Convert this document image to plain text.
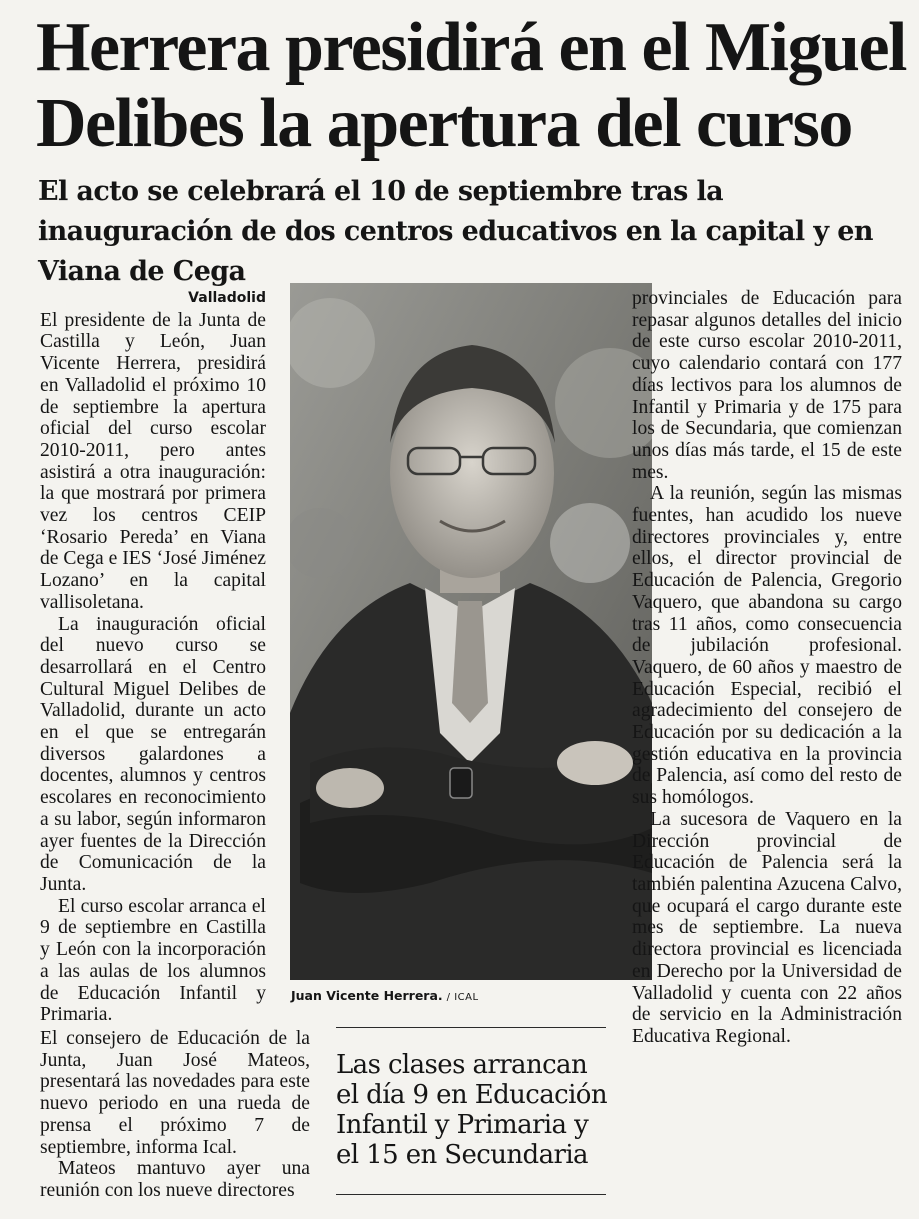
Herrera presidirá en el Miguel Delibes la apertura del curso
El acto se celebrará el 10 de septiembre tras la inauguración de dos centros educativos en la capital y en Viana de Cega
Valladolid

El presidente de la Junta de Castilla y León, Juan Vicente Herrera, presidirá en Valladolid el próximo 10 de septiembre la apertura oficial del curso escolar 2010-2011, pero antes asistirá a otra inauguración: la que mostrará por primera vez los centros CEIP ‘Rosario Pereda’ en Viana de Cega e IES ‘José Jiménez Lozano’ en la capital vallisoletana.

La inauguración oficial del nuevo curso se desarrollará en el Centro Cultural Miguel Delibes de Valladolid, durante un acto en el que se entregarán diversos galardones a docentes, alumnos y centros escolares en reconocimiento a su labor, según informaron ayer fuentes de la Dirección de Comunicación de la Junta.

El curso escolar arranca el 9 de septiembre en Castilla y León con la incorporación a las aulas de los alumnos de Educación Infantil y Primaria.

Juan Vicente Herrera. / ICAL

provinciales de Educación para repasar algunos detalles del inicio de este curso escolar 2010-2011, cuyo calendario contará con 177 días lectivos para los alumnos de Infantil y Primaria y de 175 para los de Secundaria, que comienzan unos días más tarde, el 15 de este mes.

A la reunión, según las mismas fuentes, han acudido los nueve directores provinciales y, entre ellos, el director provincial de Educación de Palencia, Gregorio Vaquero, que abandona su cargo tras 11 años, como consecuencia de jubilación profesional. Vaquero, de 60 años y maestro de Educación Especial, recibió el agradecimiento del consejero de Educación por su dedicación a la gestión educativa en la provincia de Palencia, así como del resto de sus homólogos.

La sucesora de Vaquero en la Dirección provincial de Educación de Palencia será la también palentina Azucena Calvo, que ocupará el cargo durante este mes de septiembre. La nueva directora provincial es licenciada en Derecho por la Universidad de Valladolid y cuenta con 22 años de servicio en la Administración Educativa Regional.

El consejero de Educación de la Junta, Juan José Mateos, presentará las novedades para este nuevo periodo en una rueda de prensa el próximo 7 de septiembre, informa Ical.

Mateos mantuvo ayer una reunión con los nueve directores

Las clases arrancan el día 9 en Educación Infantil y Primaria y el 15 en Secundaria
